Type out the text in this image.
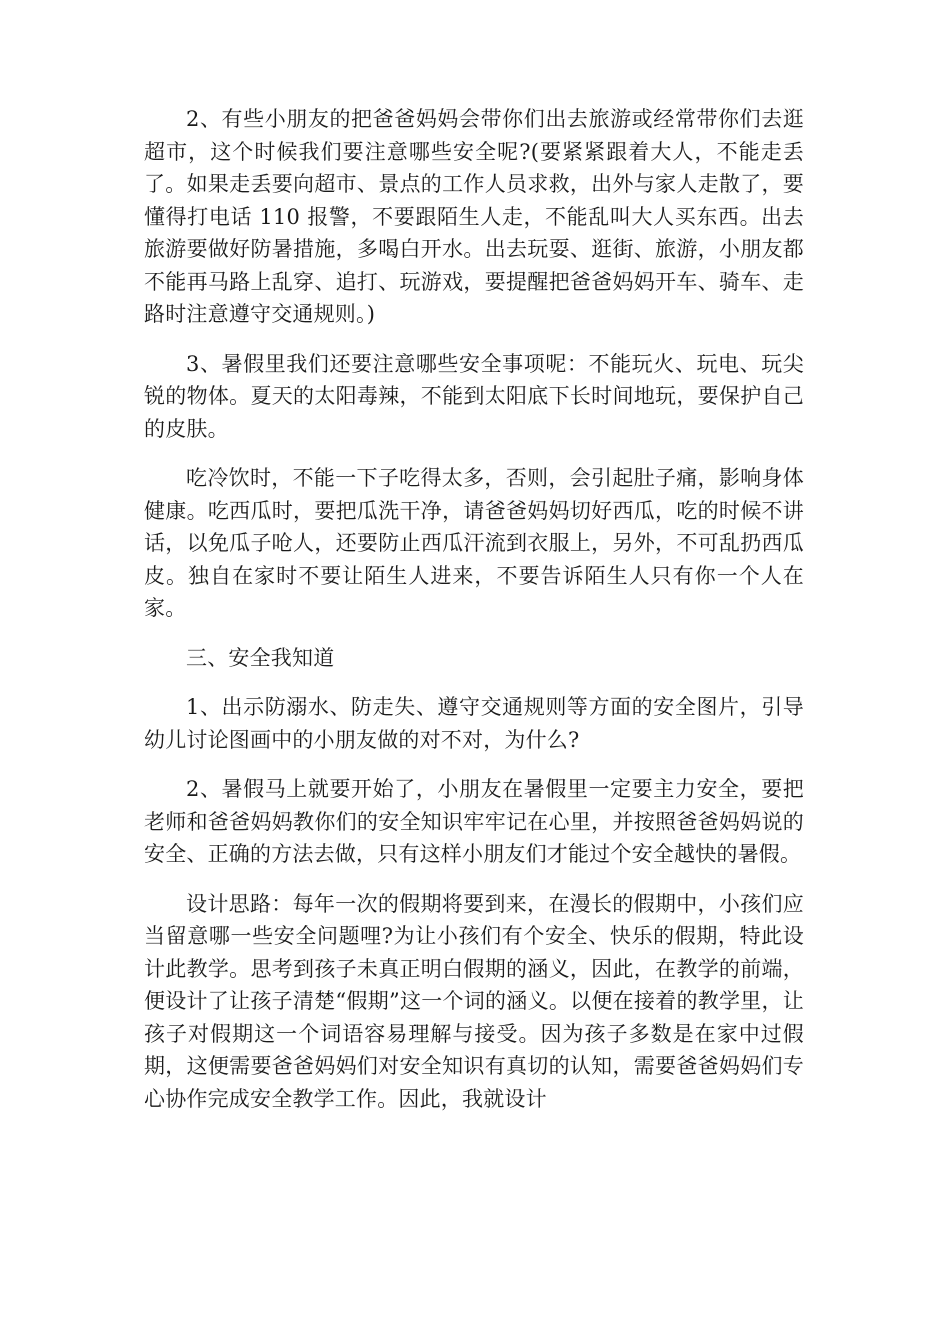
2、有些小朋友的把爸爸妈妈会带你们出去旅游或经常带你们去逛超市，这个时候我们要注意哪些安全呢?(要紧紧跟着大人，不能走丢了。如果走丢要向超市、景点的工作人员求救，出外与家人走散了，要懂得打电话 110 报警，不要跟陌生人走，不能乱叫大人买东西。出去旅游要做好防暑措施，多喝白开水。出去玩耍、逛街、旅游，小朋友都不能再马路上乱穿、追打、玩游戏，要提醒把爸爸妈妈开车、骑车、走路时注意遵守交通规则。)

3、暑假里我们还要注意哪些安全事项呢：不能玩火、玩电、玩尖锐的物体。夏天的太阳毒辣，不能到太阳底下长时间地玩，要保护自己的皮肤。

吃冷饮时，不能一下子吃得太多，否则，会引起肚子痛，影响身体健康。吃西瓜时，要把瓜洗干净，请爸爸妈妈切好西瓜，吃的时候不讲话，以免瓜子呛人，还要防止西瓜汗流到衣服上，另外，不可乱扔西瓜皮。独自在家时不要让陌生人进来，不要告诉陌生人只有你一个人在家。

三、安全我知道

1、出示防溺水、防走失、遵守交通规则等方面的安全图片，引导幼儿讨论图画中的小朋友做的对不对，为什么?

2、暑假马上就要开始了，小朋友在暑假里一定要主力安全，要把老师和爸爸妈妈教你们的安全知识牢牢记在心里，并按照爸爸妈妈说的安全、正确的方法去做，只有这样小朋友们才能过个安全越快的暑假。

设计思路：每年一次的假期将要到来，在漫长的假期中，小孩们应当留意哪一些安全问题哩?为让小孩们有个安全、快乐的假期，特此设计此教学。思考到孩子未真正明白假期的涵义，因此，在教学的前端，便设计了让孩子清楚“假期”这一个词的涵义。以便在接着的教学里，让孩子对假期这一个词语容易理解与接受。因为孩子多数是在家中过假期，这便需要爸爸妈妈们对安全知识有真切的认知，需要爸爸妈妈们专心协作完成安全教学工作。因此，我就设计
